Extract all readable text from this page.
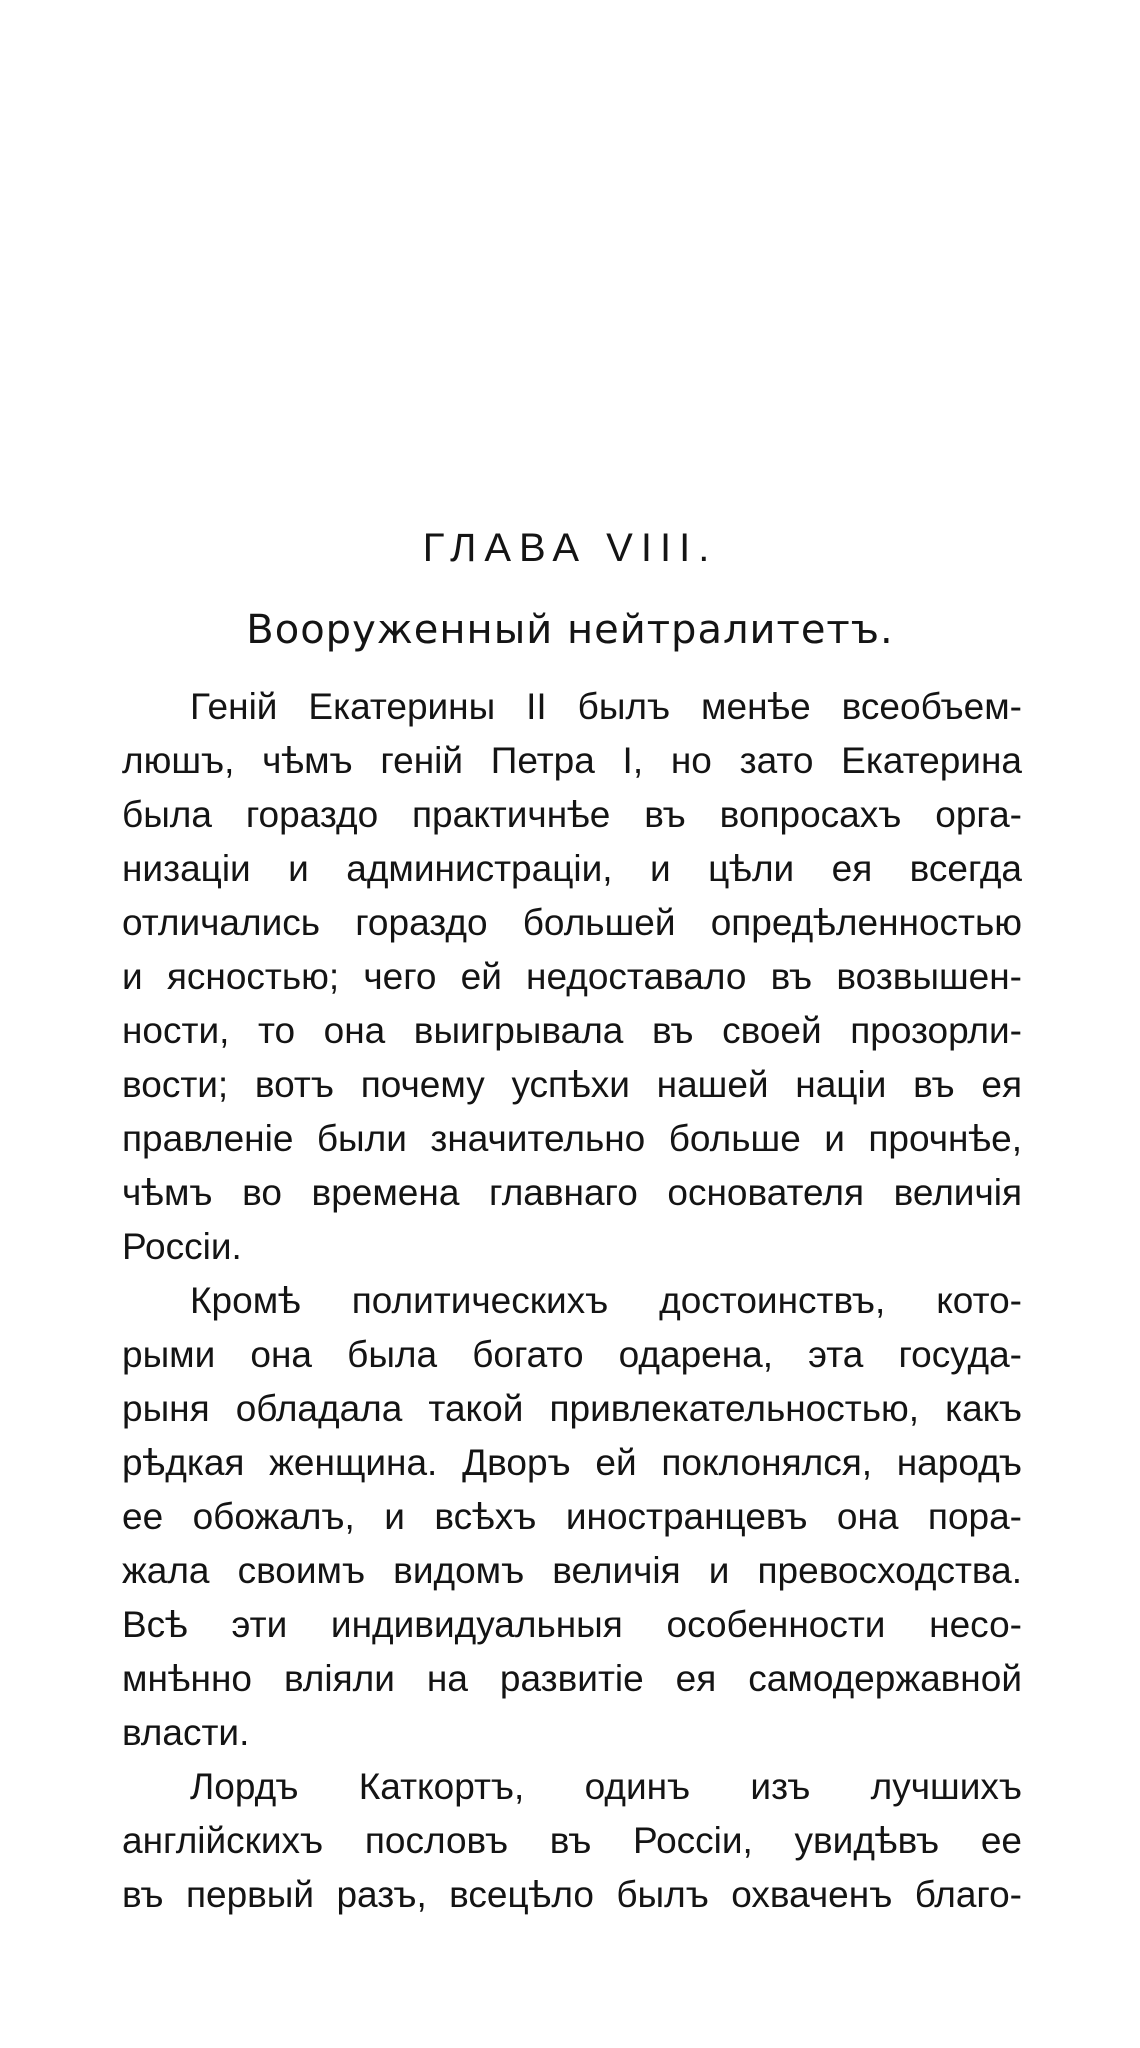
ГЛАВА VIII.
Вооруженный нейтралитетъ.
Генiй Екатерины II былъ менѣе всеобъем-
люшъ, чѣмъ генiй Петра I, но зато Екатерина
была гораздо практичнѣе въ вопросахъ орга-
низацiи и администрацiи, и цѣли ея всегда
отличались гораздо большей опредѣленностью
и ясностью; чего ей недоставало въ возвышен-
ности, то она выигрывала въ своей прозорли-
вости; вотъ почему успѣхи нашей нацiи въ ея
правленiе были значительно больше и прочнѣе,
чѣмъ во времена главнаго основателя величiя
Россiи.
Кромѣ политическихъ достоинствъ, кото-
рыми она была богато одарена, эта госуда-
рыня обладала такой привлекательностью, какъ
рѣдкая женщина. Дворъ ей поклонялся, народъ
ее обожалъ, и всѣхъ иностранцевъ она пора-
жала своимъ видомъ величiя и превосходства.
Всѣ эти индивидуальныя особенности несо-
мнѣнно влiяли на развитiе ея самодержавной
власти.
Лордъ Каткортъ, одинъ изъ лучшихъ
англiйскихъ пословъ въ Россiи, увидѣвъ ее
въ первый разъ, всецѣло былъ охваченъ благо-
